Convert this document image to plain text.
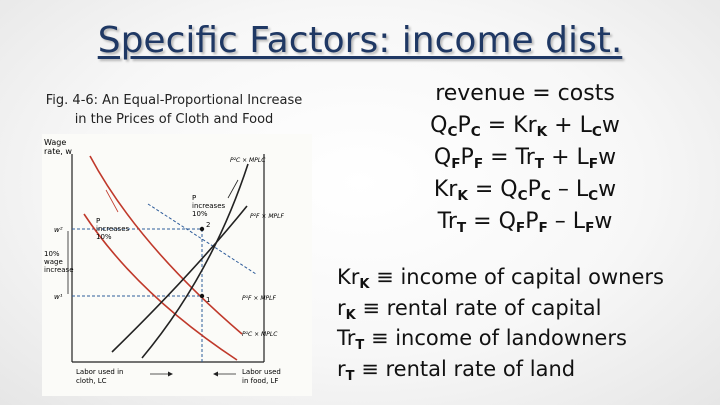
Specific Factors: income dist.
Fig. 4-6: An Equal-Proportional Increase
in the Prices of Cloth and Food
Wage
rate, w
w²
w¹
10%
wage
increase
P
increases
10%
P
increases
10%
P²C × MPLC
P²F × MPLF
P¹F × MPLF
P¹C × MPLC
2
1
Labor used in
cloth, LC
Labor used
in food, LF
revenue = costs
$Q_CP_C = Kr_K + L_Cw$
$Q_FP_F = Tr_T + L_Fw$
$Kr_K = Q_CP_C - L_Cw$
$Tr_T = Q_FP_F - L_Fw$
$Kr_K$ ≡ income of capital owners
$r_K$ ≡ rental rate of capital
$Tr_T$ ≡ income of landowners
$r_T$ ≡ rental rate of land
